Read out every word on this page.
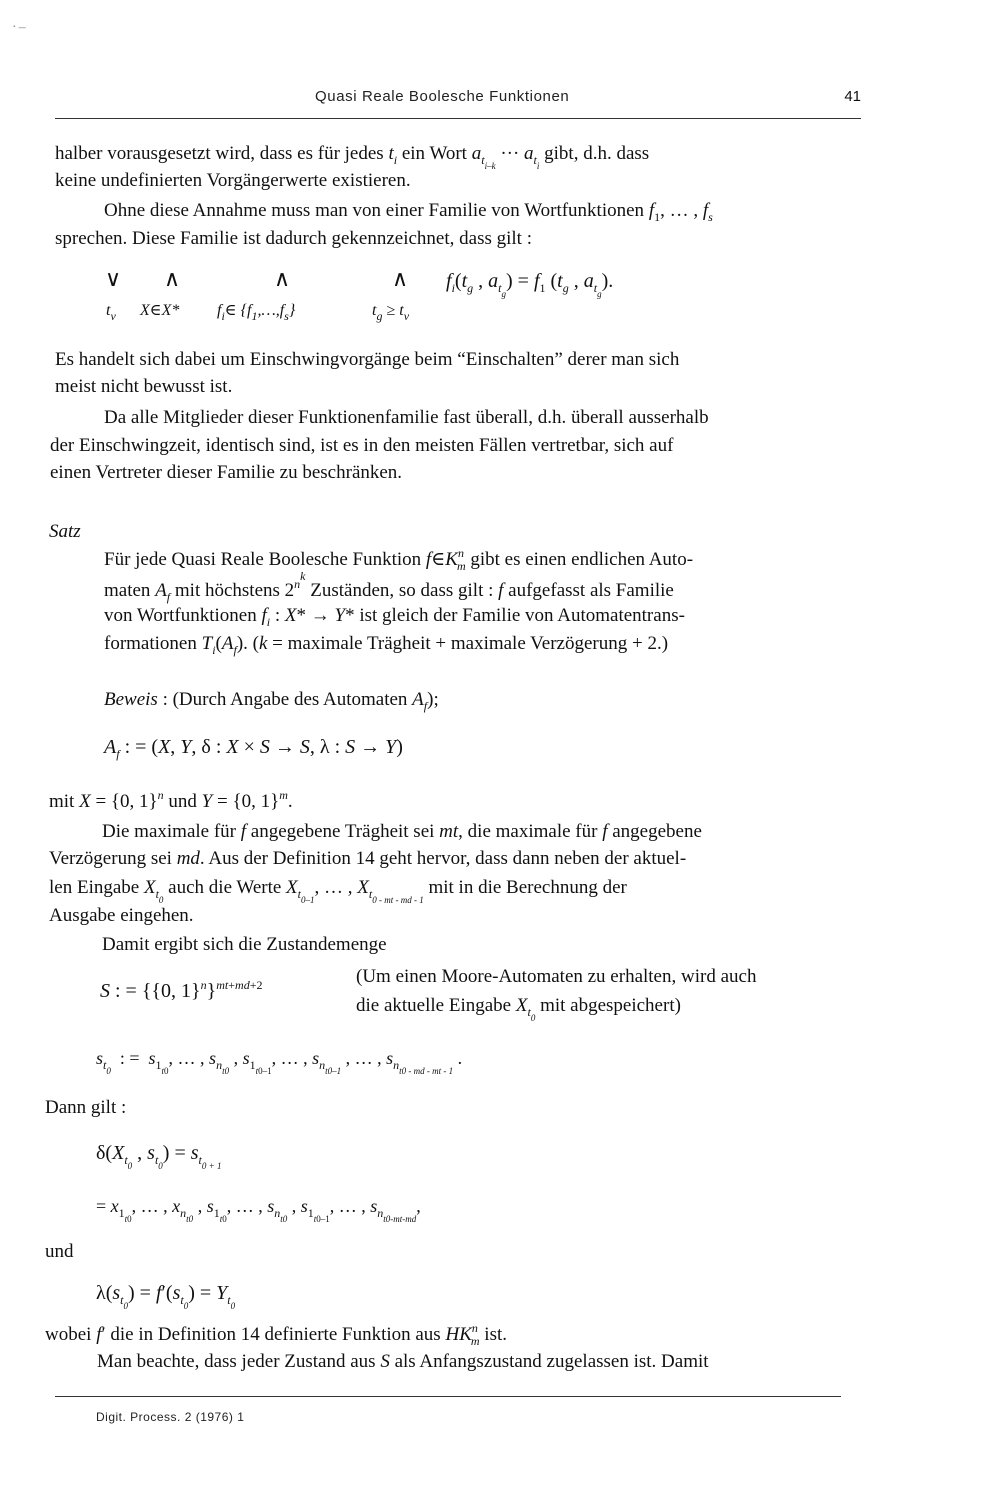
·–
Quasi Reale Boolesche Funktionen	41
halber vorausgesetzt wird, dass es für jedes $t_i$ ein Wort $a_{t_{i-k}}$ ··· $a_{t_i}$ gibt, d.h. dass
keine undefinierten Vorgängerwerte existieren.
Ohne diese Annahme muss man von einer Familie von Wortfunktionen $f_1$, … , $f_s$
sprechen. Diese Familie ist dadurch gekennzeichnet, dass gilt :
∨ ∧	∧	∧
$t_v$ X∈X* $f_i\in$ $\{f_1,\dots,f_s\}$	$t_g \ge t_v$
$f_i(t_g$ , $a_{t_g}) = f_1$ ($t_g$ , $a_{t_g}$).
Es handelt sich dabei um Einschwingvorgänge beim “Einschalten” derer man sich
meist nicht bewusst ist.
Da alle Mitglieder dieser Funktionenfamilie fast überall, d.h. überall ausserhalb
der Einschwingzeit, identisch sind, ist es in den meisten Fällen vertretbar, sich auf
einen Vertreter dieser Familie zu beschränken.
Satz
Für jede Quasi Reale Boolesche Funktion $f\in K^n_m$ gibt es einen endlichen Auto-
maten $A_f$ mit höchstens $2^{n^k}$ Zuständen, so dass gilt : f aufgefasst als Familie
von Wortfunktionen $f_i$ : X* → Y* ist gleich der Familie von Automatentrans-
formationen $T_i(A_f)$. (k = maximale Trägheit + maximale Verzögerung + 2.)
Beweis : (Durch Angabe des Automaten $A_f$);
$A_f$ : = (X, Y, δ : X × S → S, λ : S → Y)
mit X = {0, 1}$^n$ und Y = {0, 1}$^m$.
Die maximale für f angegebene Trägheit sei mt, die maximale für f angegebene
Verzögerung sei md. Aus der Definition 14 geht hervor, dass dann neben der aktuel-
len Eingabe $X_{t_0}$ auch die Werte $X_{t_{0-1}}$, … , $X_{t_{0 - mt - md - 1}}$ mit in die Berechnung der
Ausgabe eingehen.
Damit ergibt sich die Zustandemenge
S : = {{0, 1}$^n$}$^{mt+md+2}$	(Um einen Moore-Automaten zu erhalten, wird auch
die aktuelle Eingabe $X_{t_0}$ mit abgespeichert)
$s_{t_0}$  : =  $s_{1_{t0}}$, … , $s_{n_{t0}}$ , $s_{1_{t0-1}}$, … , $s_{n_{t0-1}}$ , … , $s_{n_{t0 - md - mt - 1}}$ .
Dann gilt :
$\delta(X_{t_0}$ , $s_{t_0}) = s_{t_{0 + 1}}$
= $x_{1_{t0}}$, … , $x_{n_{t0}}$ , $s_{1_{t0}}$, … , $s_{n_{t0}}$ , $s_{1_{t0-1}}$, … , $s_{n_{t0-mt-md}}$,
und
$\lambda(s_{t_0}) = f'(s_{t_0}) = Y_{t_0}$
wobei f′ die in Definition 14 definierte Funktion aus $HK^n_m$ ist.
Man beachte, dass jeder Zustand aus S als Anfangszustand zugelassen ist. Damit
Digit. Process. 2 (1976) 1
